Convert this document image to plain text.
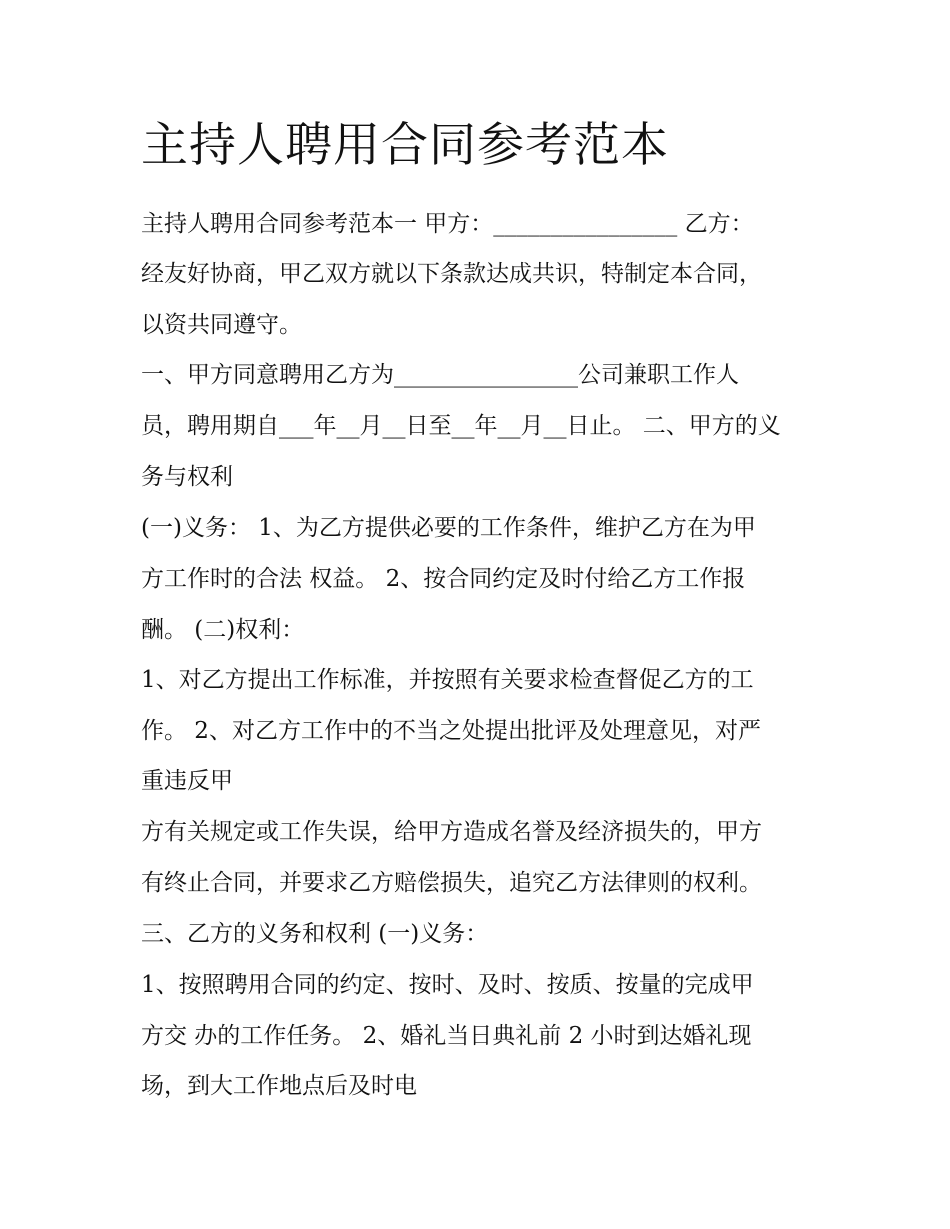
主持人聘用合同参考范本
主持人聘用合同参考范本一 甲方：________________ 乙方：
经友好协商，甲乙双方就以下条款达成共识，特制定本合同，
以资共同遵守。
一、甲方同意聘用乙方为________________公司兼职工作人
员，聘用期自___年__月__日至__年__月__日止。 二、甲方的义
务与权利
(一)义务： 1、为乙方提供必要的工作条件，维护乙方在为甲
方工作时的合法 权益。 2、按合同约定及时付给乙方工作报
酬。 (二)权利：
1、对乙方提出工作标准，并按照有关要求检查督促乙方的工
作。 2、对乙方工作中的不当之处提出批评及处理意见，对严
重违反甲
方有关规定或工作失误，给甲方造成名誉及经济损失的，甲方
有终止合同，并要求乙方赔偿损失，追究乙方法律则的权利。
三、乙方的义务和权利 (一)义务：
1、按照聘用合同的约定、按时、及时、按质、按量的完成甲
方交 办的工作任务。 2、婚礼当日典礼前 2 小时到达婚礼现
场，到大工作地点后及时电
